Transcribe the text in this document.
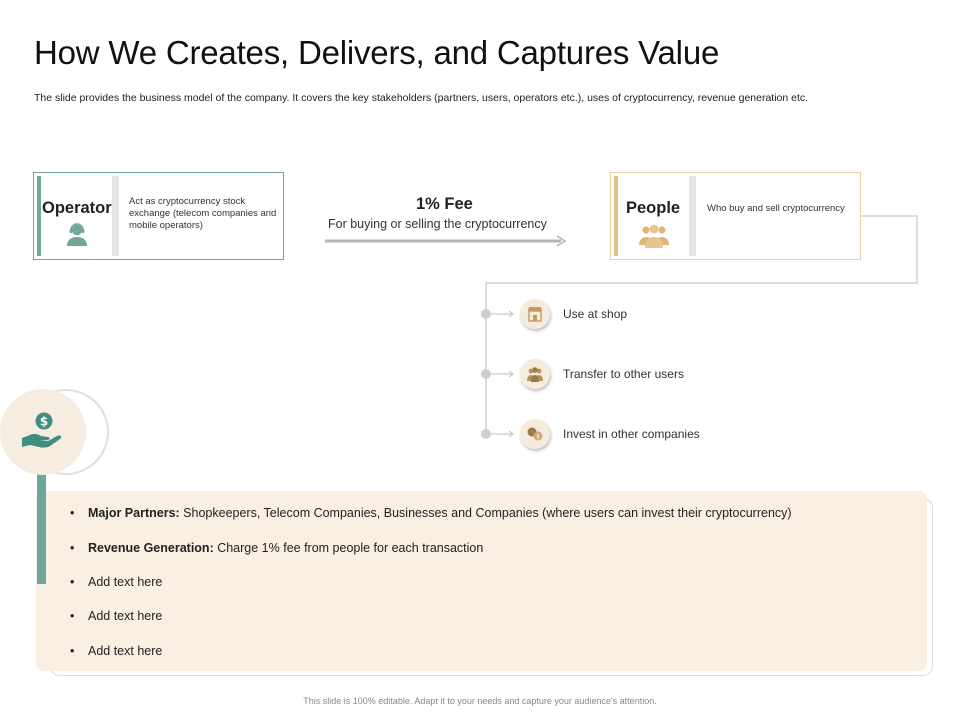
How We Creates, Delivers, and Captures Value
The slide provides the business model of the company. It covers the key stakeholders (partners, users, operators etc.), uses of cryptocurrency, revenue generation etc.
Operator Act as cryptocurrency stock exchange (telecom companies and mobile operators)
1% Fee
For buying or selling the cryptocurrency
People	Who buy and sell cryptocurrency
Use at shop
Transfer to other users
$ Invest in other companies
$
• Major Partners: Shopkeepers, Telecom Companies, Businesses and Companies (where users can invest their cryptocurrency)
• Revenue Generation: Charge 1% fee from people for each transaction
• Add text here
• Add text here
• Add text here
This slide is 100% editable. Adapt it to your needs and capture your audience's attention.
